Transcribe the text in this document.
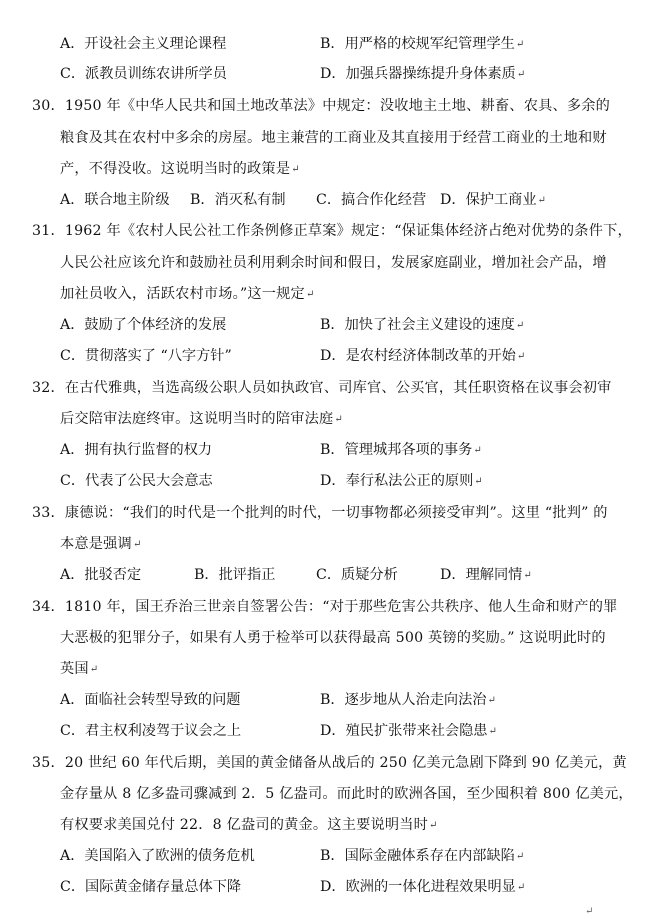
A．开设社会主义理论课程	B．用严格的校规军纪管理学生↵
C．派教员训练农讲所学员	D．加强兵器操练提升身体素质↵
30．1950 年《中华人民共和国土地改革法》中规定：没收地主土地、耕畜、农具、多余的
粮食及其在农村中多余的房屋。地主兼营的工商业及其直接用于经营工商业的土地和财
产，不得没收。这说明当时的政策是↵
A．联合地主阶级 B．消灭私有制 C．搞合作化经营 D．保护工商业↵
31．1962 年《农村人民公社工作条例修正草案》规定：“保证集体经济占绝对优势的条件下，
人民公社应该允许和鼓励社员利用剩余时间和假日，发展家庭副业，增加社会产品，增
加社员收入，活跃农村市场。”这一规定↵
A．鼓励了个体经济的发展	B．加快了社会主义建设的速度↵
C．贯彻落实了 “八字方针”	D．是农村经济体制改革的开始↵
32．在古代雅典，当选高级公职人员如执政官、司库官、公买官，其任职资格在议事会初审
后交陪审法庭终审。这说明当时的陪审法庭↵
A．拥有执行监督的权力	B．管理城邦各项的事务↵
C．代表了公民大会意志	D．奉行私法公正的原则↵
33．康德说：“我们的时代是一个批判的时代，一切事物都必须接受审判”。这里 “批判” 的
本意是强调↵
A．批驳否定	B．批评指正	C．质疑分析	D．理解同情↵
34．1810 年，国王乔治三世亲自签署公告：“对于那些危害公共秩序、他人生命和财产的罪
大恶极的犯罪分子，如果有人勇于检举可以获得最高 500 英镑的奖励。” 这说明此时的
英国↵
A．面临社会转型导致的问题	B．逐步地从人治走向法治↵
C．君主权利凌驾于议会之上	D．殖民扩张带来社会隐患↵
35．20 世纪 60 年代后期，美国的黄金储备从战后的 250 亿美元急剧下降到 90 亿美元，黄
金存量从 8 亿多盎司骤减到 2．5 亿盎司。而此时的欧洲各国，至少囤积着 800 亿美元，
有权要求美国兑付 22．8 亿盎司的黄金。这主要说明当时↵
A．美国陷入了欧洲的债务危机	B．国际金融体系存在内部缺陷↵
C．国际黄金储存量总体下降	D．欧洲的一体化进程效果明显↵
↵
